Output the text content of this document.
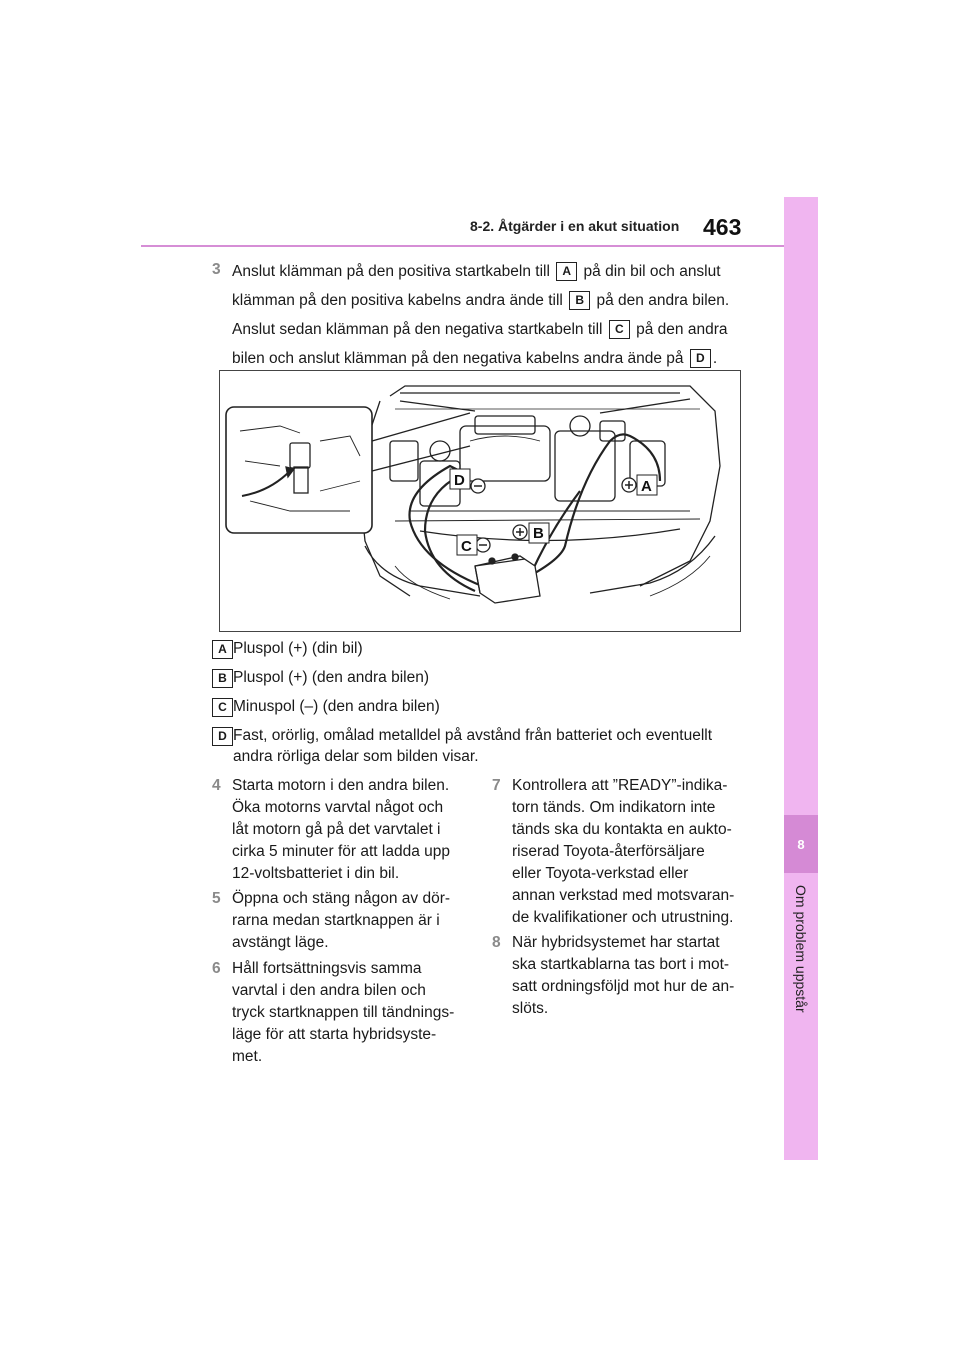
8
Om problem uppstår
8-2. Åtgärder i en akut situation 463
3 Anslut klämman på den positiva startkabeln till A på din bil och anslut
klämman på den positiva kabelns andra ände till B på den andra bilen.
Anslut sedan klämman på den negativa startkabeln till C på den andra
bilen och anslut klämman på den negativa kabelns andra ände på D .
A
B
C
D
A Pluspol (+) (din bil)
B Pluspol (+) (den andra bilen)
C Minuspol (–) (den andra bilen)
D Fast, orörlig, omålad metalldel på avstånd från batteriet och eventuellt
andra rörliga delar som bilden visar.
4 Starta motorn i den andra bilen.
Öka motorns varvtal något och
låt motorn gå på det varvtalet i
cirka 5 minuter för att ladda upp
12-voltsbatteriet i din bil.
5 Öppna och stäng någon av dör-
rarna medan startknappen är i
avstängt läge.
6 Håll fortsättningsvis samma
varvtal i den andra bilen och
tryck startknappen till tändnings-
läge för att starta hybridsyste-
met.
7 Kontrollera att ”READY”-indika-
torn tänds. Om indikatorn inte
tänds ska du kontakta en aukto-
riserad Toyota-återförsäljare
eller Toyota-verkstad eller
annan verkstad med motsvaran-
de kvalifikationer och utrustning.
8 När hybridsystemet har startat
ska startkablarna tas bort i mot-
satt ordningsföljd mot hur de an-
slöts.
